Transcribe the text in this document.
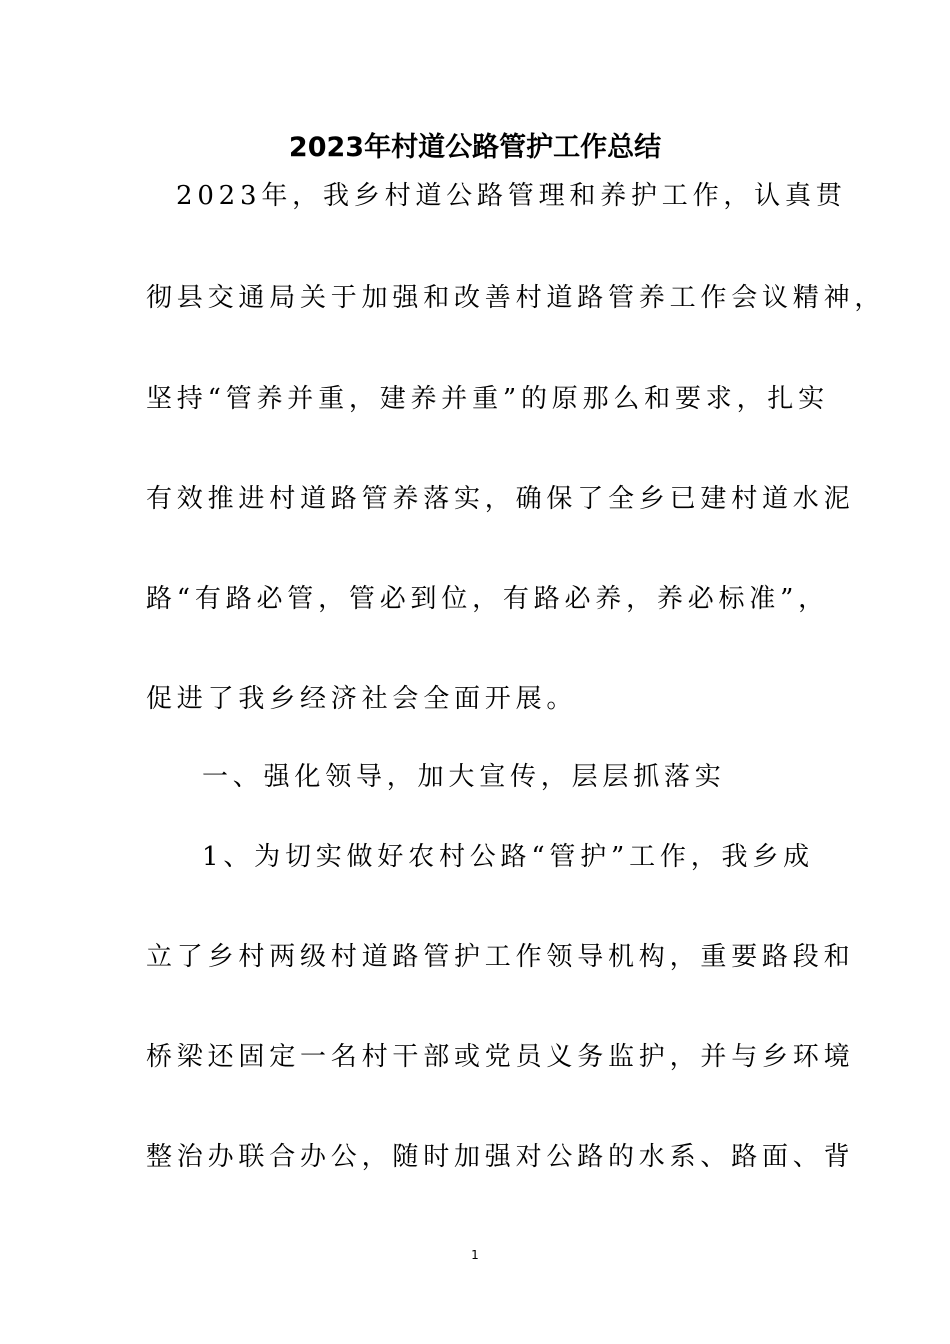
2023年村道公路管护工作总结
2023年，我乡村道公路管理和养护工作，认真贯
彻县交通局关于加强和改善村道路管养工作会议精神，
坚持“管养并重，建养并重”的原那么和要求，扎实
有效推进村道路管养落实，确保了全乡已建村道水泥
路“有路必管，管必到位，有路必养，养必标准”，
促进了我乡经济社会全面开展。
一、强化领导，加大宣传，层层抓落实
1、为切实做好农村公路“管护”工作，我乡成
立了乡村两级村道路管护工作领导机构，重要路段和
桥梁还固定一名村干部或党员义务监护，并与乡环境
整治办联合办公，随时加强对公路的水系、路面、背
1
